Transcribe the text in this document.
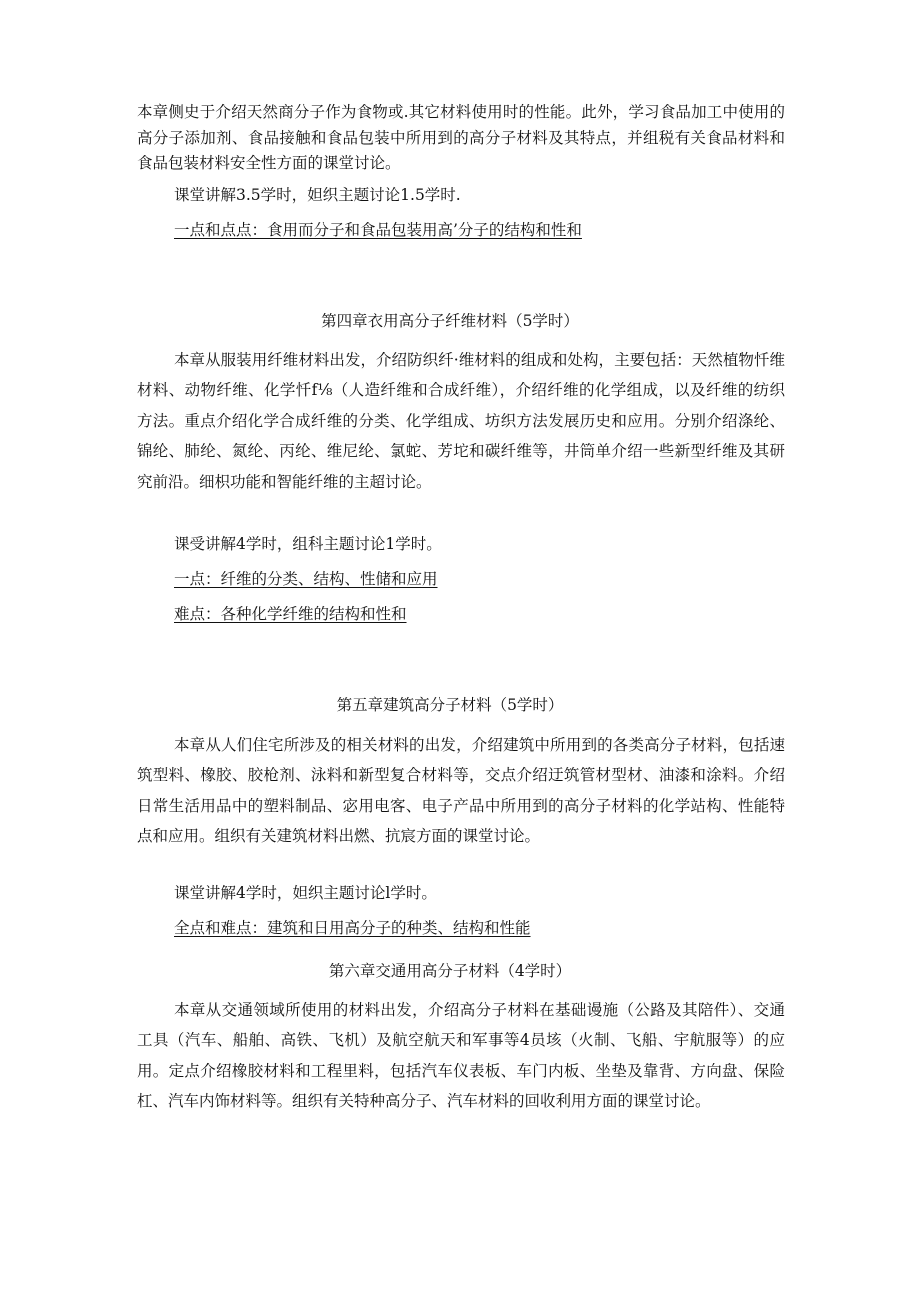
本章侧史于介绍天然商分子作为食物或.其它材料使用时的性能。此外，学习食品加工中使用的高分子添加剂、食品接触和食品包装中所用到的高分子材料及其特点，并组税有关食品材料和食品包装材料安全性方面的课堂讨论。

课堂讲解3.5学时，妲织主题讨论1.5学时.

一点和点点：食用而分子和食品包装用高’分子的结构和性和

第四章衣用高分子纤维材料（5学时）

本章从服装用纤维材料出发，介绍防织纤·维材料的组成和处构，主要包括：天然植物忏维材料、动物纤维、化学忏f⅛（人造纤维和合成纤维），介绍纤维的化学组成，以及纤维的纺织方法。重点介绍化学合成纤维的分类、化学组成、坊织方法发展历史和应用。分别介绍涤纶、锦纶、肺纶、氮纶、丙纶、维尼纶、氯蛇、芳坨和碳纤维等，井筒单介绍一些新型纤维及其研究前沿。细枳功能和智能纤维的主超讨论。

课受讲解4学时，组科主题讨论1学时。

一点：纤维的分类、结构、性储和应用

难点：各种化学纤维的结构和性和

第五章建筑高分子材料（5学时）

本章从人们住宅所涉及的相关材料的出发，介绍建筑中所用到的各类高分子材料，包括速筑型料、橡胶、胶枪剂、泳料和新型复合材料等，交点介绍迂筑管材型材、油漆和涂料。介绍日常生活用品中的塑料制品、宓用电客、电子产品中所用到的高分子材料的化学站构、性能特点和应用。组织有关建筑材料出燃、抗宸方面的课堂讨论。

课堂讲解4学时，妲织主题讨论l学时。

全点和难点：建筑和日用高分子的种类、结构和性能

第六章交通用高分子材料（4学时）

本章从交通领域所使用的材料出发，介绍高分子材料在基础谩施（公路及其陪件）、交通工具（汽车、船舶、高铁、飞机）及航空航天和军事等4员垓（火制、飞船、宇航服等）的应用。定点介绍橡胶材料和工程里料，包括汽车仪表板、车门内板、坐垫及靠背、方向盘、保险杠、汽车内饰材料等。组织有关特种高分子、汽车材料的回收利用方面的课堂讨论。
